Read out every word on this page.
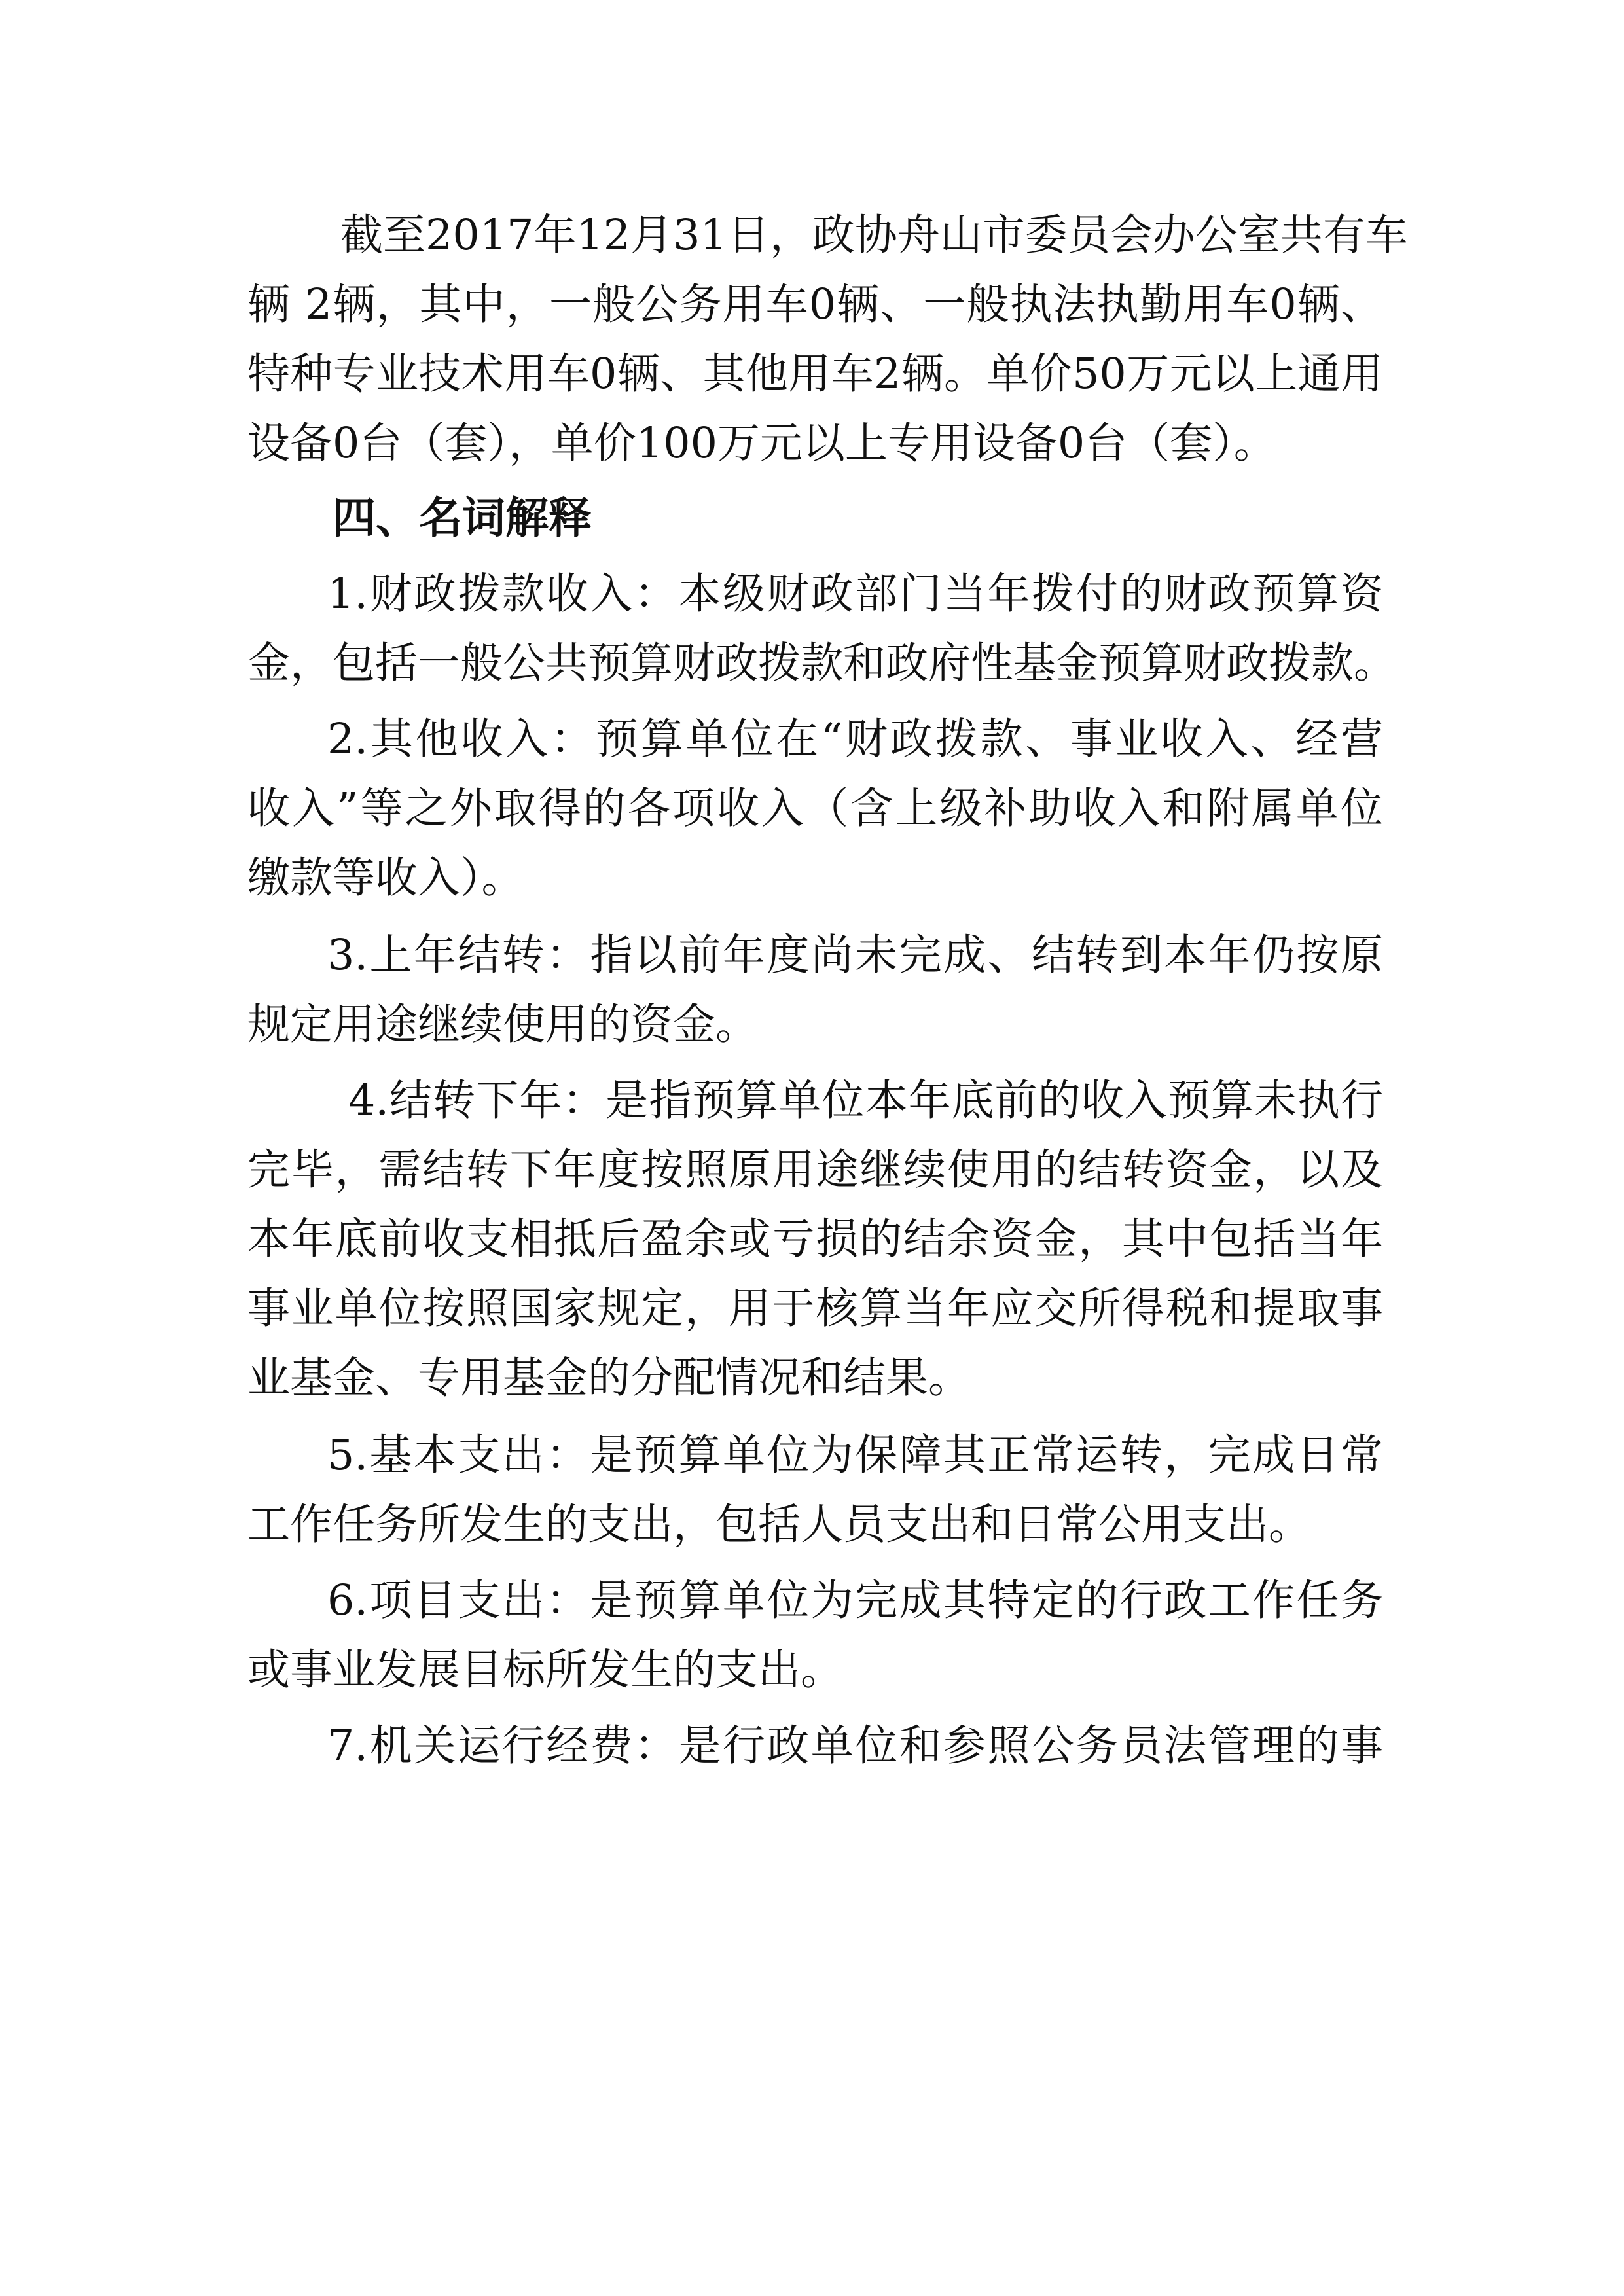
截至2017年12月31日，政协舟山市委员会办公室共有车

辆 2辆，其中，一般公务用车0辆、一般执法执勤用车0辆、

特种专业技术用车0辆、其他用车2辆。单价50万元以上通用

设备0台（套），单价100万元以上专用设备0台（套）。

四、名词解释

1.财政拨款收入：本级财政部门当年拨付的财政预算资

金，包括一般公共预算财政拨款和政府性基金预算财政拨款。

2.其他收入：预算单位在“财政拨款、事业收入、经营

收入”等之外取得的各项收入（含上级补助收入和附属单位

缴款等收入）。

3.上年结转：指以前年度尚未完成、结转到本年仍按原

规定用途继续使用的资金。

4.结转下年：是指预算单位本年底前的收入预算未执行

完毕，需结转下年度按照原用途继续使用的结转资金，以及

本年底前收支相抵后盈余或亏损的结余资金，其中包括当年

事业单位按照国家规定，用于核算当年应交所得税和提取事

业基金、专用基金的分配情况和结果。

5.基本支出：是预算单位为保障其正常运转，完成日常

工作任务所发生的支出，包括人员支出和日常公用支出。

6.项目支出：是预算单位为完成其特定的行政工作任务

或事业发展目标所发生的支出。

7.机关运行经费：是行政单位和参照公务员法管理的事
